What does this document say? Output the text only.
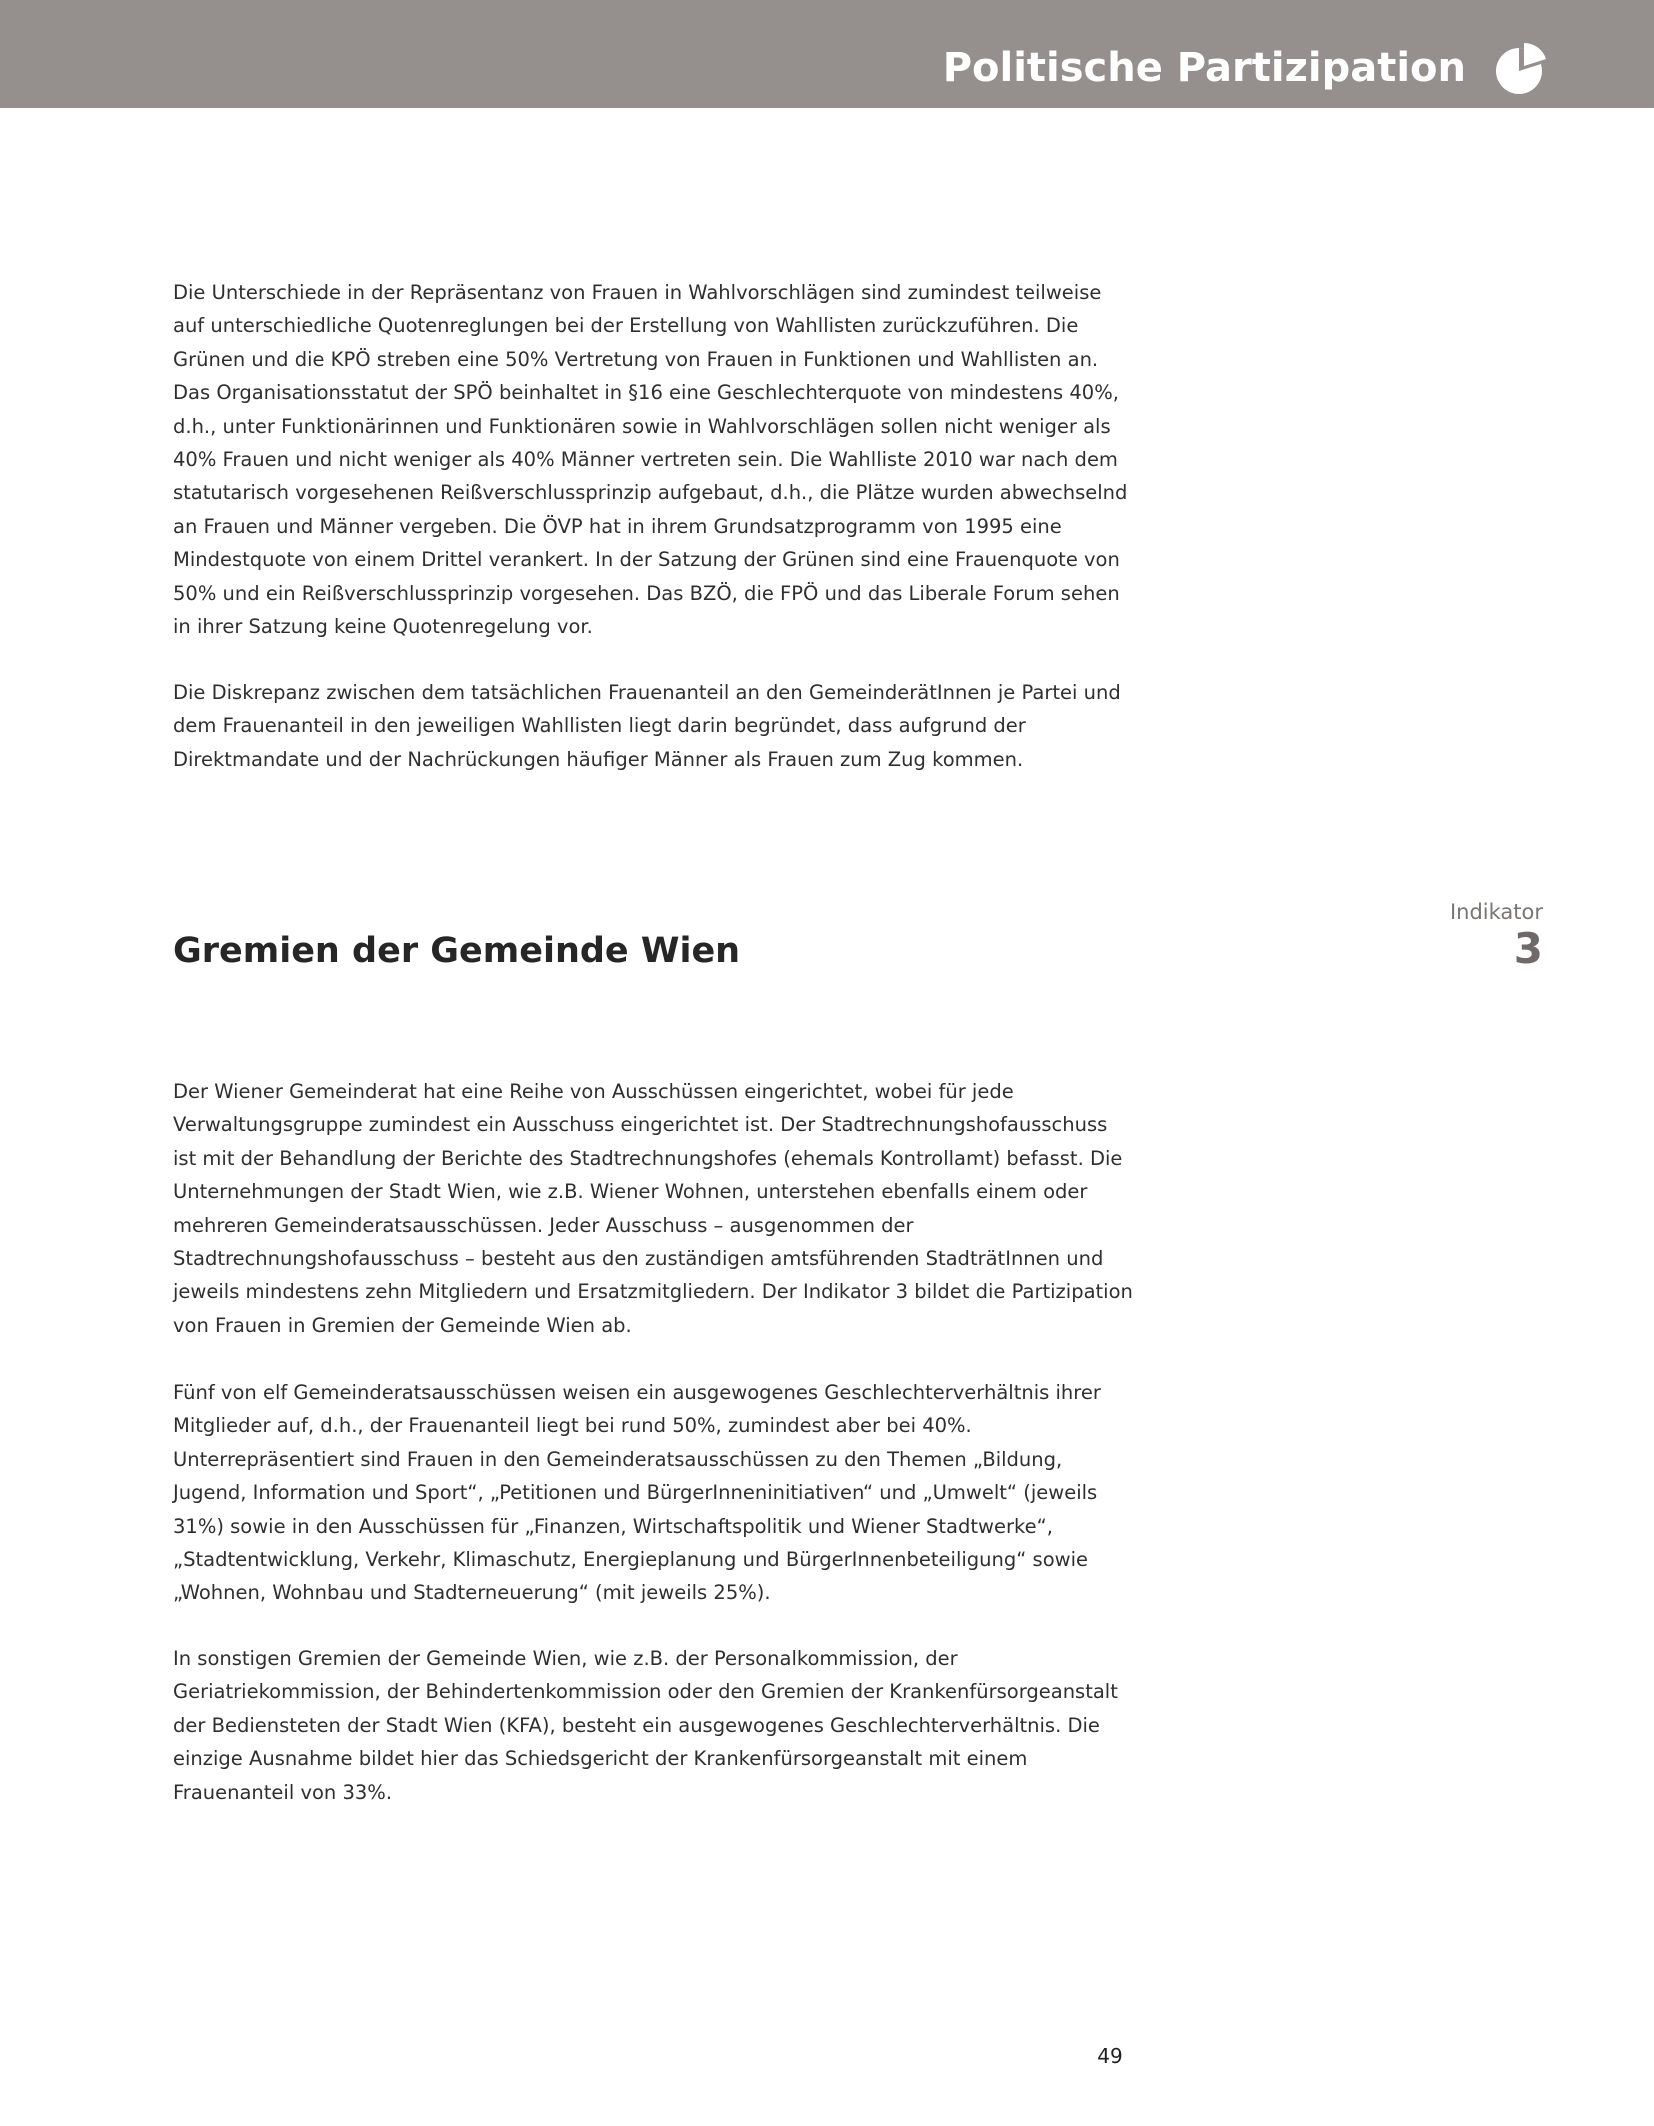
Politische Partizipation

Die Unterschiede in der Repräsentanz von Frauen in Wahlvorschlägen sind zumindest teilweise auf unterschiedliche Quotenreglungen bei der Erstellung von Wahllisten zurückzuführen. Die Grünen und die KPÖ streben eine 50% Vertretung von Frauen in Funktionen und Wahllisten an. Das Organisationsstatut der SPÖ beinhaltet in §16 eine Geschlechterquote von mindestens 40%, d.h., unter Funktionärinnen und Funktionären sowie in Wahlvorschlägen sollen nicht weniger als 40% Frauen und nicht weniger als 40% Männer vertreten sein. Die Wahlliste 2010 war nach dem statutarisch vorgesehenen Reißverschlussprinzip aufgebaut, d.h., die Plätze wurden abwechselnd an Frauen und Männer vergeben. Die ÖVP hat in ihrem Grundsatzprogramm von 1995 eine Mindestquote von einem Drittel verankert. In der Satzung der Grünen sind eine Frauenquote von 50% und ein Reißverschlussprinzip vorgesehen. Das BZÖ, die FPÖ und das Liberale Forum sehen in ihrer Satzung keine Quotenregelung vor.

Die Diskrepanz zwischen dem tatsächlichen Frauenanteil an den GemeinderätInnen je Partei und dem Frauenanteil in den jeweiligen Wahllisten liegt darin begründet, dass aufgrund der Direktmandate und der Nachrückungen häufiger Männer als Frauen zum Zug kommen.

Gremien der Gemeinde Wien
Indikator
3

Der Wiener Gemeinderat hat eine Reihe von Ausschüssen eingerichtet, wobei für jede Verwaltungsgruppe zumindest ein Ausschuss eingerichtet ist. Der Stadtrechnungshofausschuss ist mit der Behandlung der Berichte des Stadtrechnungshofes (ehemals Kontrollamt) befasst. Die Unternehmungen der Stadt Wien, wie z.B. Wiener Wohnen, unterstehen ebenfalls einem oder mehreren Gemeinderatsausschüssen. Jeder Ausschuss – ausgenommen der Stadtrechnungshofausschuss – besteht aus den zuständigen amtsführenden StadträtInnen und jeweils mindestens zehn Mitgliedern und Ersatzmitgliedern. Der Indikator 3 bildet die Partizipation von Frauen in Gremien der Gemeinde Wien ab.

Fünf von elf Gemeinderatsausschüssen weisen ein ausgewogenes Geschlechterverhältnis ihrer Mitglieder auf, d.h., der Frauenanteil liegt bei rund 50%, zumindest aber bei 40%. Unterrepräsentiert sind Frauen in den Gemeinderatsausschüssen zu den Themen „Bildung, Jugend, Information und Sport“, „Petitionen und BürgerInneninitiativen“ und „Umwelt“ (jeweils 31%) sowie in den Ausschüssen für „Finanzen, Wirtschaftspolitik und Wiener Stadtwerke“, „Stadtentwicklung, Verkehr, Klimaschutz, Energieplanung und BürgerInnenbeteiligung“ sowie „Wohnen, Wohnbau und Stadterneuerung“ (mit jeweils 25%).

In sonstigen Gremien der Gemeinde Wien, wie z.B. der Personalkommission, der Geriatriekommission, der Behindertenkommission oder den Gremien der Krankenfürsorgeanstalt der Bediensteten der Stadt Wien (KFA), besteht ein ausgewogenes Geschlechterverhältnis. Die einzige Ausnahme bildet hier das Schiedsgericht der Krankenfürsorgeanstalt mit einem Frauenanteil von 33%.

49
